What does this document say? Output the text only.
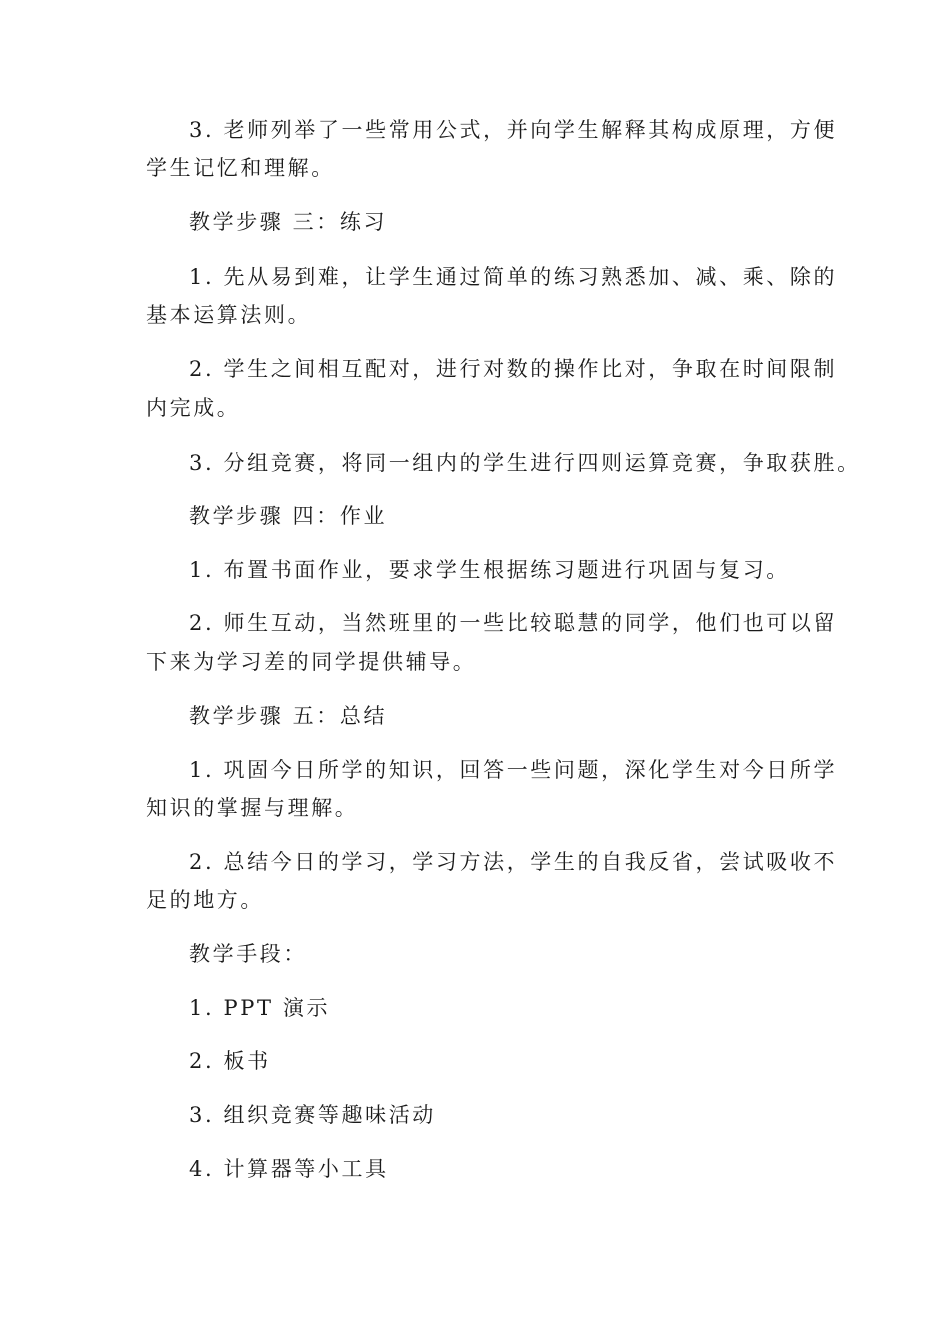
3. 老师列举了一些常用公式，并向学生解释其构成原理，方便
学生记忆和理解。
教学步骤 三：练习
1. 先从易到难，让学生通过简单的练习熟悉加、减、乘、除的
基本运算法则。
2. 学生之间相互配对，进行对数的操作比对，争取在时间限制
内完成。
3. 分组竞赛，将同一组内的学生进行四则运算竞赛，争取获胜。
教学步骤 四：作业
1. 布置书面作业，要求学生根据练习题进行巩固与复习。
2. 师生互动，当然班里的一些比较聪慧的同学，他们也可以留
下来为学习差的同学提供辅导。
教学步骤 五：总结
1. 巩固今日所学的知识，回答一些问题，深化学生对今日所学
知识的掌握与理解。
2. 总结今日的学习，学习方法，学生的自我反省，尝试吸收不
足的地方。
教学手段：
1. PPT 演示
2. 板书
3. 组织竞赛等趣味活动
4. 计算器等小工具
